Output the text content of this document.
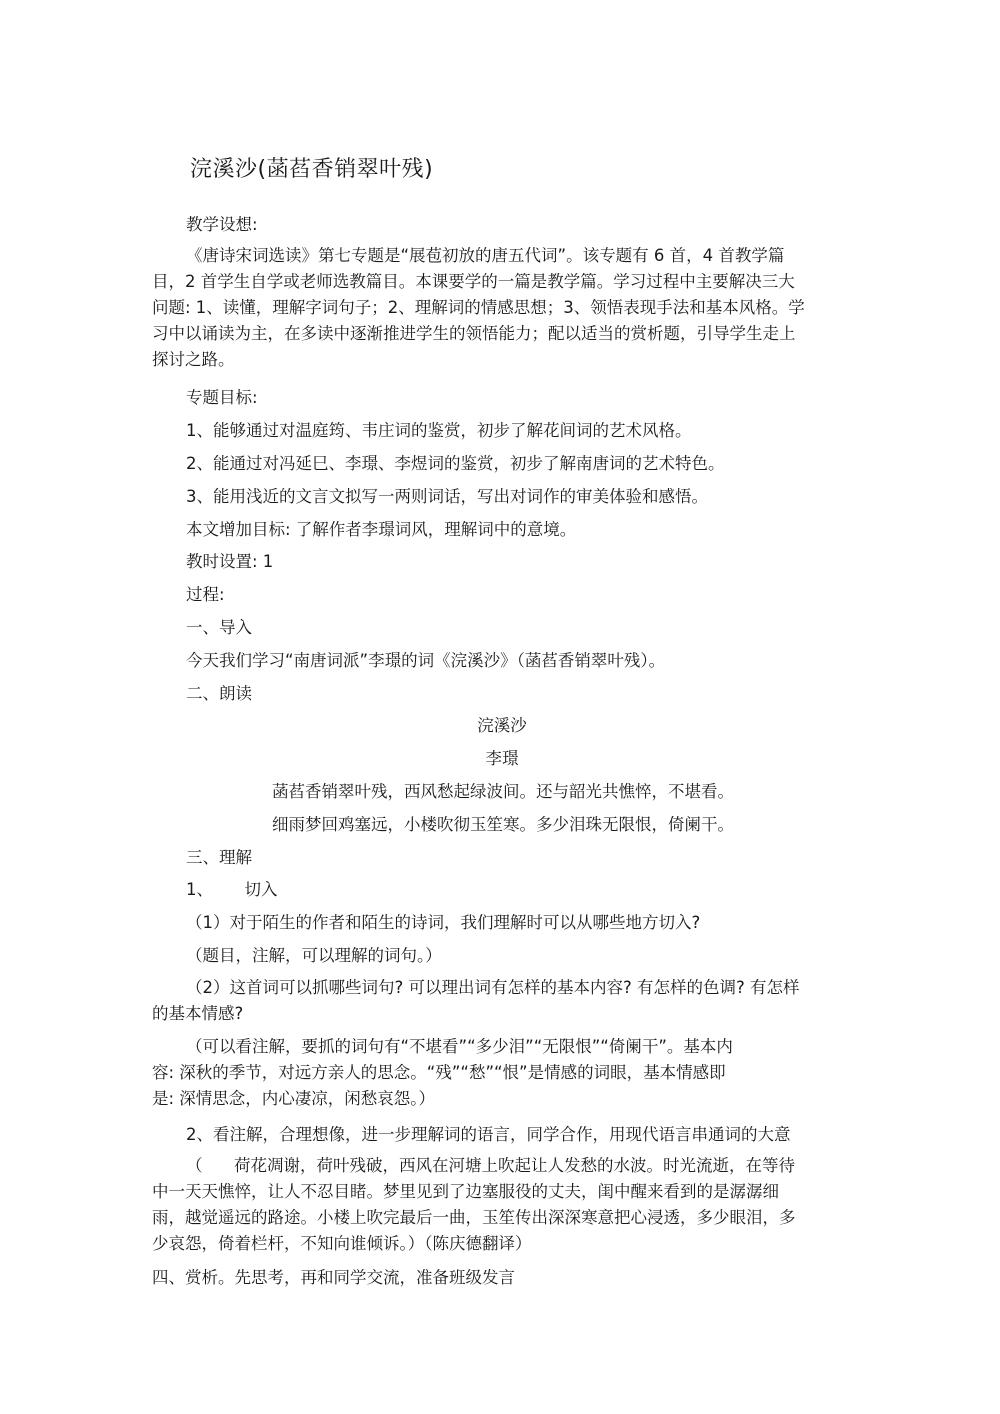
浣溪沙(菡萏香销翠叶残)
教学设想:
《唐诗宋词选读》第七专题是“展苞初放的唐五代词”。该专题有 6 首，4 首教学篇
目，2 首学生自学或老师选教篇目。本课要学的一篇是教学篇。学习过程中主要解决三大
问题: 1、读懂，理解字词句子；2、理解词的情感思想；3、领悟表现手法和基本风格。学
习中以诵读为主，在多读中逐渐推进学生的领悟能力；配以适当的赏析题，引导学生走上
探讨之路。
专题目标:
1、能够通过对温庭筠、韦庄词的鉴赏，初步了解花间词的艺术风格。
2、能通过对冯延巳、李璟、李煜词的鉴赏，初步了解南唐词的艺术特色。
3、能用浅近的文言文拟写一两则词话，写出对词作的审美体验和感悟。
本文增加目标: 了解作者李璟词风，理解词中的意境。
教时设置: 1
过程:
一、导入
今天我们学习“南唐词派”李璟的词《浣溪沙》（菡萏香销翠叶残）。
二、朗读
浣溪沙
李璟
菡萏香销翠叶残，西风愁起绿波间。还与韶光共憔悴，不堪看。
细雨梦回鸡塞远，小楼吹彻玉笙寒。多少泪珠无限恨，倚阑干。
三、理解
1、      切入
（1）对于陌生的作者和陌生的诗词，我们理解时可以从哪些地方切入?
（题目，注解，可以理解的词句。）
（2）这首词可以抓哪些词句? 可以理出词有怎样的基本内容? 有怎样的色调? 有怎样
的基本情感?
（可以看注解，要抓的词句有“不堪看”“多少泪”“无限恨”“倚阑干”。基本内
容: 深秋的季节，对远方亲人的思念。“残”“愁”“恨”是情感的词眼，基本情感即
是: 深情思念，内心凄凉，闲愁哀怨。）
2、看注解，合理想像，进一步理解词的语言，同学合作，用现代语言串通词的大意
（      荷花凋谢，荷叶残破，西风在河塘上吹起让人发愁的水波。时光流逝，在等待
中一天天憔悴，让人不忍目睹。梦里见到了边塞服役的丈夫，闺中醒来看到的是潺潺细
雨，越觉遥远的路途。小楼上吹完最后一曲，玉笙传出深深寒意把心浸透，多少眼泪，多
少哀怨，倚着栏杆，不知向谁倾诉。）（陈庆德翻译）
四、赏析。先思考，再和同学交流，准备班级发言
